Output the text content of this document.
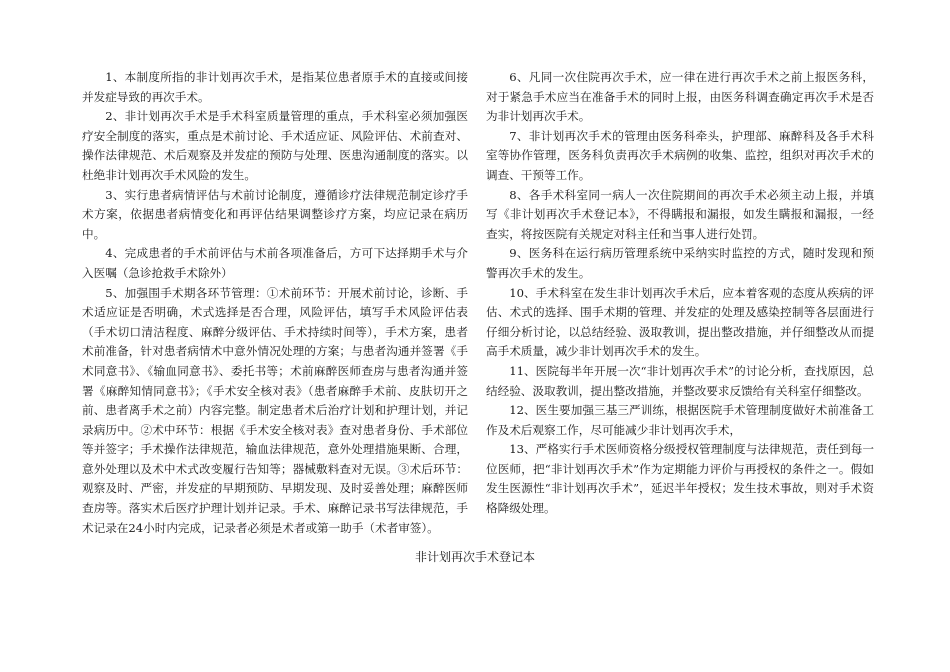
1、本制度所指的非计划再次手术，是指某位患者原手术的直接或间接并发症导致的再次手术。

2、非计划再次手术是手术科室质量管理的重点，手术科室必须加强医疗安全制度的落实，重点是术前讨论、手术适应证、风险评估、术前查对、操作法律规范、术后观察及并发症的预防与处理、医患沟通制度的落实。以杜绝非计划再次手术风险的发生。

3、实行患者病情评估与术前讨论制度，遵循诊疗法律规范制定诊疗手术方案，依据患者病情变化和再评估结果调整诊疗方案，均应记录在病历中。

4、完成患者的手术前评估与术前各项准备后，方可下达择期手术与介入医嘱（急诊抢救手术除外）

5、加强围手术期各环节管理：①术前环节：开展术前讨论，诊断、手术适应证是否明确，术式选择是否合理，风险评估，填写手术风险评估表（手术切口清洁程度、麻醉分级评估、手术持续时间等），手术方案，患者术前准备，针对患者病情术中意外情况处理的方案；与患者沟通并签署《手术同意书》、《输血同意书》、委托书等；术前麻醉医师查房与患者沟通并签署《麻醉知情同意书》；《手术安全核对表》（患者麻醉手术前、皮肤切开之前、患者离手术之前）内容完整。制定患者术后治疗计划和护理计划，并记录病历中。②术中环节：根据《手术安全核对表》查对患者身份、手术部位等并签字；手术操作法律规范，输血法律规范，意外处理措施果断、合理，意外处理以及术中术式改变履行告知等；器械敷料查对无误。③术后环节：观察及时、严密，并发症的早期预防、早期发现、及时妥善处理；麻醉医师查房等。落实术后医疗护理计划并记录。手术、麻醉记录书写法律规范，手术记录在24小时内完成，记录者必须是术者或第一助手（术者审签）。

6、凡同一次住院再次手术，应一律在进行再次手术之前上报医务科，对于紧急手术应当在准备手术的同时上报，由医务科调查确定再次手术是否为非计划再次手术。

7、非计划再次手术的管理由医务科牵头，护理部、麻醉科及各手术科室等协作管理，医务科负责再次手术病例的收集、监控，组织对再次手术的调查、干预等工作。

8、各手术科室同一病人一次住院期间的再次手术必须主动上报，并填写《非计划再次手术登记本》，不得瞒报和漏报，如发生瞒报和漏报，一经查实，将按医院有关规定对科主任和当事人进行处罚。

9、医务科在运行病历管理系统中采纳实时监控的方式，随时发现和预警再次手术的发生。

10、手术科室在发生非计划再次手术后，应本着客观的态度从疾病的评估、术式的选择、围手术期的管理、并发症的处理及感染控制等各层面进行仔细分析讨论，以总结经验、汲取教训，提出整改措施，并仔细整改从而提高手术质量，减少非计划再次手术的发生。

11、医院每半年开展一次“非计划再次手术”的讨论分析，查找原因，总结经验、汲取教训，提出整改措施，并整改要求反馈给有关科室仔细整改。

12、医生要加强三基三严训练，根据医院手术管理制度做好术前准备工作及术后观察工作，尽可能减少非计划再次手术，

13、严格实行手术医师资格分级授权管理制度与法律规范，责任到每一位医师，把“非计划再次手术”作为定期能力评价与再授权的条件之一。假如发生医源性“非计划再次手术”，延迟半年授权；发生技术事故，则对手术资格降级处理。

非计划再次手术登记本
